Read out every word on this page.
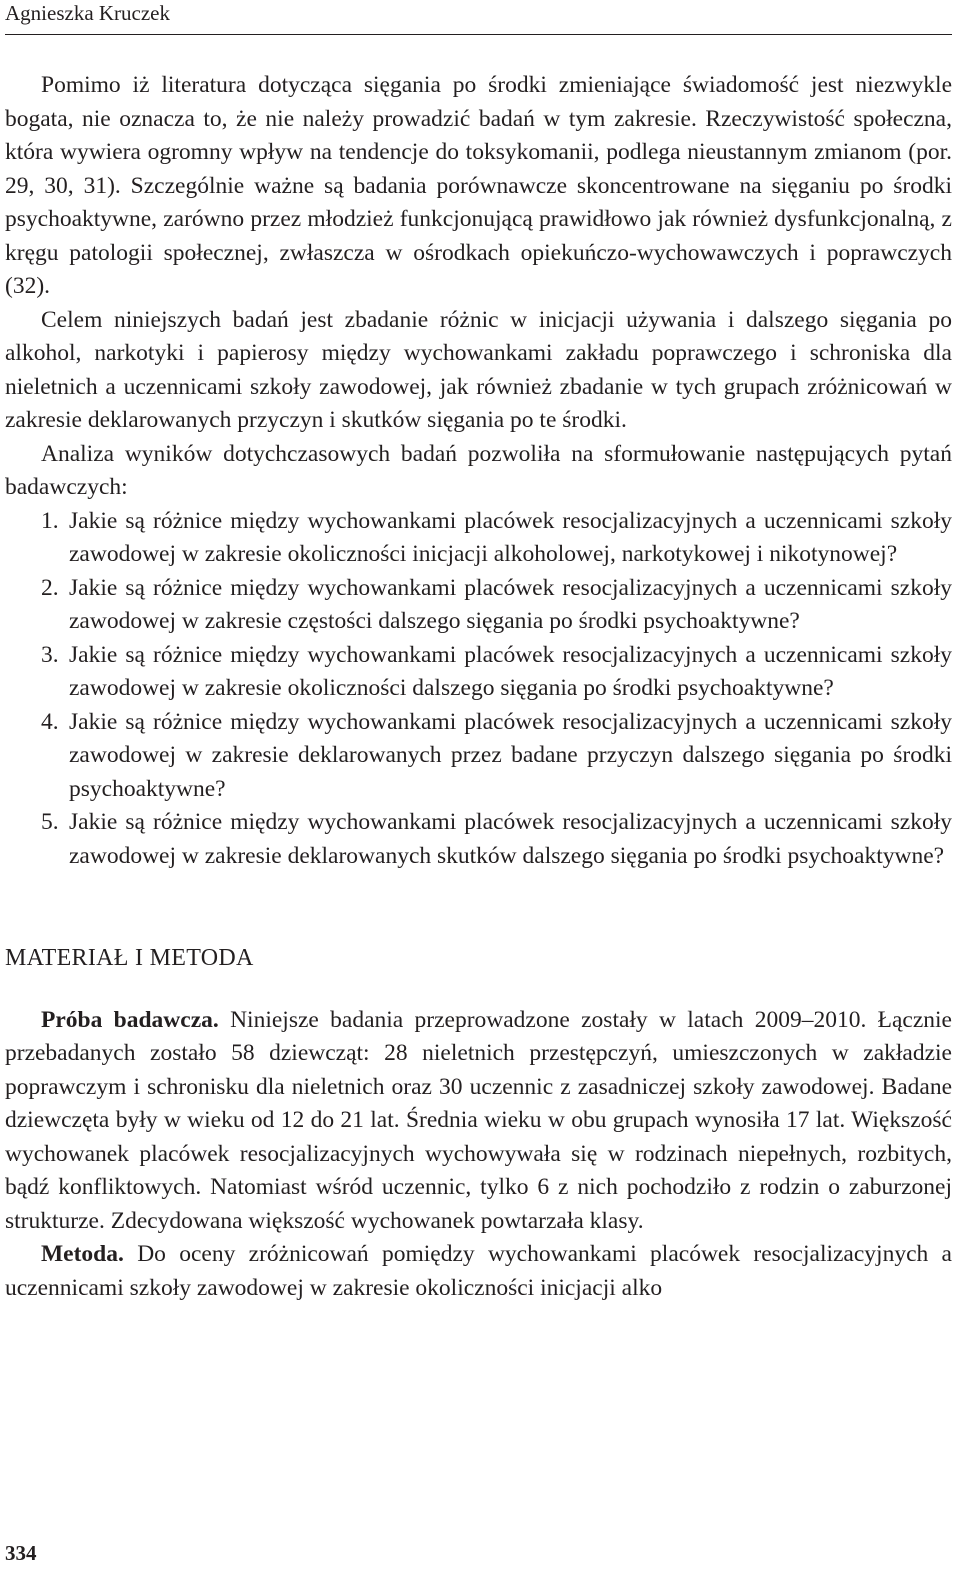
Agnieszka Kruczek

Pomimo iż literatura dotycząca sięgania po środki zmieniające świadomość jest niezwykle bogata, nie oznacza to, że nie należy prowadzić badań w tym zakresie. Rzeczywistość społeczna, która wywiera ogromny wpływ na tendencje do toksykomanii, podlega nieustannym zmianom (por. 29, 30, 31). Szczególnie ważne są badania porównawcze skoncentrowane na sięganiu po środki psychoaktywne, zarówno przez młodzież funkcjonującą prawidłowo jak również dysfunkcjonalną, z kręgu patologii społecznej, zwłaszcza w ośrodkach opiekuńczo-wychowawczych i poprawczych (32).

Celem niniejszych badań jest zbadanie różnic w inicjacji używania i dalszego sięgania po alkohol, narkotyki i papierosy między wychowankami zakładu poprawczego i schroniska dla nieletnich a uczennicami szkoły zawodowej, jak również zbadanie w tych grupach zróżnicowań w zakresie deklarowanych przyczyn i skutków sięgania po te środki.

Analiza wyników dotychczasowych badań pozwoliła na sformułowanie następujących pytań badawczych:

1. Jakie są różnice między wychowankami placówek resocjalizacyjnych a uczennicami szkoły zawodowej w zakresie okoliczności inicjacji alkoholowej, narkotykowej i nikotynowej?
2. Jakie są różnice między wychowankami placówek resocjalizacyjnych a uczennicami szkoły zawodowej w zakresie częstości dalszego sięgania po środki psychoaktywne?
3. Jakie są różnice między wychowankami placówek resocjalizacyjnych a uczennicami szkoły zawodowej w zakresie okoliczności dalszego sięgania po środki psychoaktywne?
4. Jakie są różnice między wychowankami placówek resocjalizacyjnych a uczennicami szkoły zawodowej w zakresie deklarowanych przez badane przyczyn dalszego sięgania po środki psychoaktywne?
5. Jakie są różnice między wychowankami placówek resocjalizacyjnych a uczennicami szkoły zawodowej w zakresie deklarowanych skutków dalszego sięgania po środki psychoaktywne?
MATERIAŁ I METODA

Próba badawcza. Niniejsze badania przeprowadzone zostały w latach 2009–2010. Łącznie przebadanych zostało 58 dziewcząt: 28 nieletnich przestępczyń, umieszczonych w zakładzie poprawczym i schronisku dla nieletnich oraz 30 uczennic z zasadniczej szkoły zawodowej. Badane dziewczęta były w wieku od 12 do 21 lat. Średnia wieku w obu grupach wynosiła 17 lat. Większość wychowanek placówek resocjalizacyjnych wychowywała się w rodzinach niepełnych, rozbitych, bądź konfliktowych. Natomiast wśród uczennic, tylko 6 z nich pochodziło z rodzin o zaburzonej strukturze. Zdecydowana większość wychowanek powtarzała klasy.

Metoda. Do oceny zróżnicowań pomiędzy wychowankami placówek resocjalizacyjnych a uczennicami szkoły zawodowej w zakresie okoliczności inicjacji alko

334
